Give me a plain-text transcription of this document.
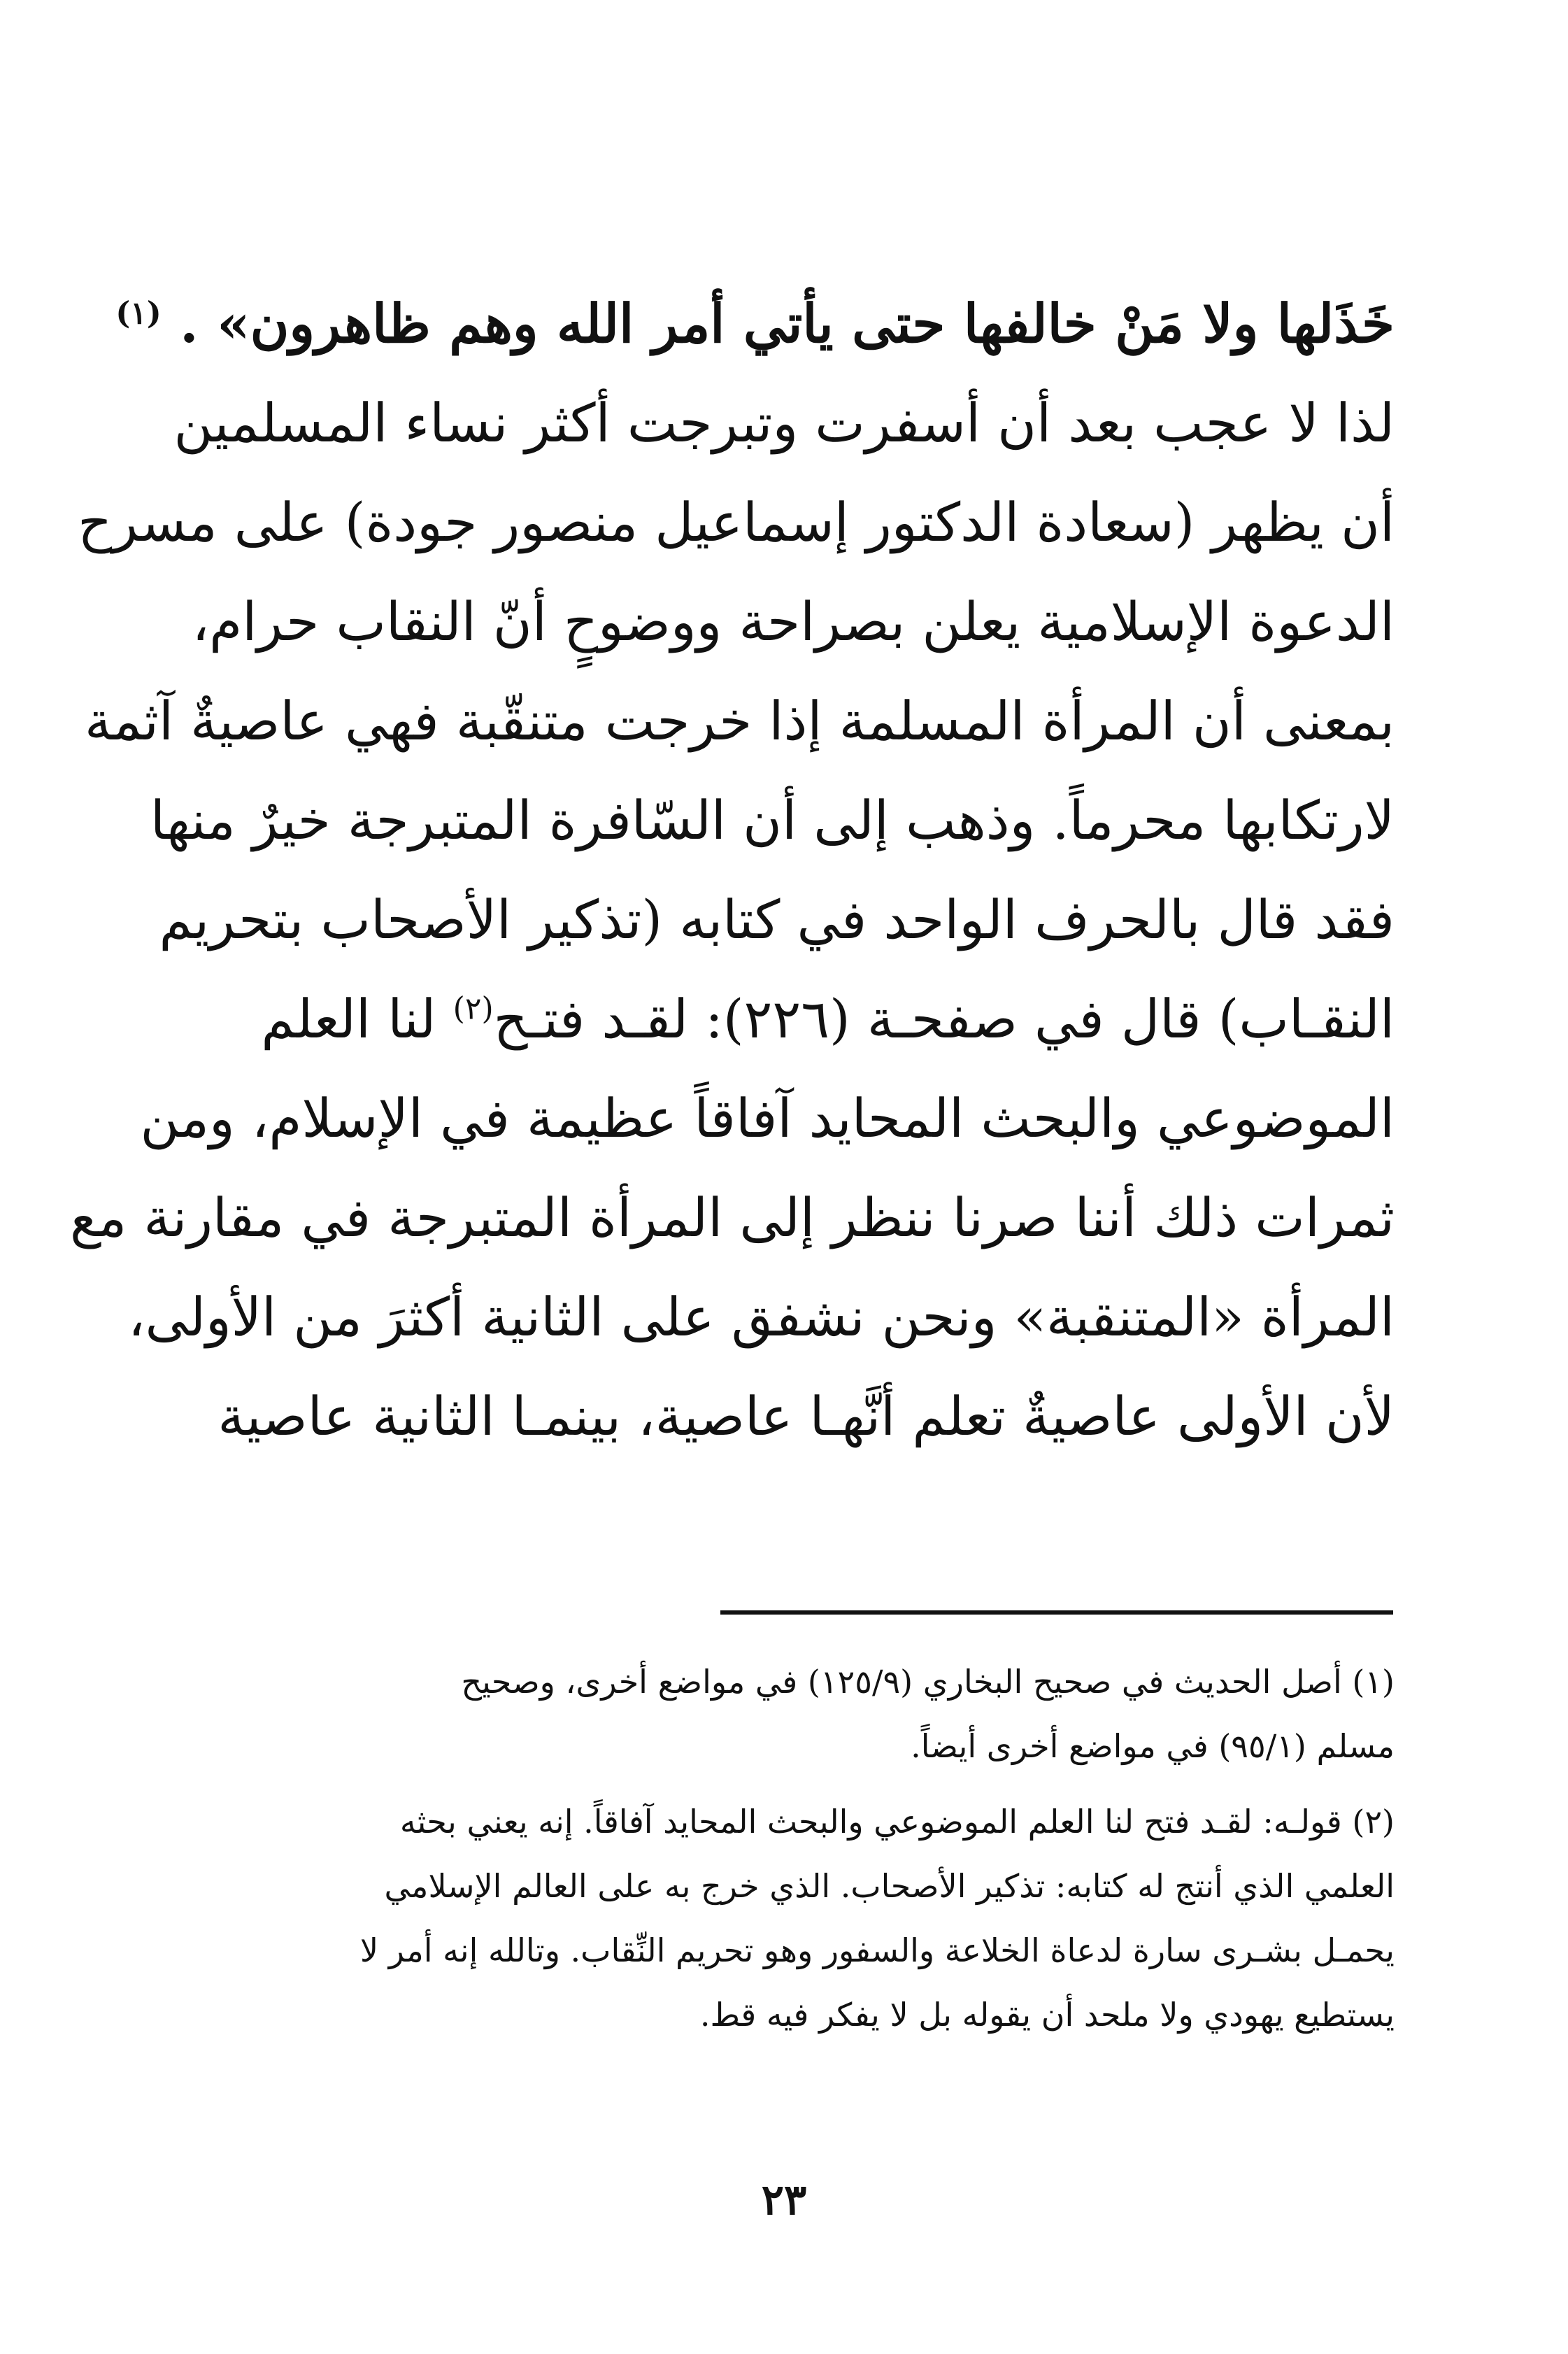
خَذَلها ولا مَنْ خالفها حتى يأتي أمر الله وهم ظاهرون» . $^{(١)}$
لذا لا عجب بعد أن أسفرت وتبرجت أكثر نساء المسلمين
أن يظهر (سعادة الدكتور إسماعيل منصور جودة) على مسرح
الدعوة الإسلامية يعلن بصراحة ووضوحٍ أنّ النقاب حرام،
بمعنى أن المرأة المسلمة إذا خرجت متنقّبة فهي عاصيةٌ آثمة
لارتكابها محرماً. وذهب إلى أن السّافرة المتبرجة خيرٌ منها
فقد قال بالحرف الواحد في كتابه (تذكير الأصحاب بتحريم
النقـاب) قال في صفحـة (٢٢٦): لقـد فتـح$^{(٢)}$ لنا العلم
الموضوعي والبحث المحايد آفاقاً عظيمة في الإسلام، ومن
ثمرات ذلك أننا صرنا ننظر إلى المرأة المتبرجة في مقارنة مع
المرأة «المتنقبة» ونحن نشفق على الثانية أكثرَ من الأولى،
لأن الأولى عاصيةٌ تعلم أنَّهـا عاصية، بينمـا الثانية عاصية
(١) أصل الحديث في صحيح البخاري (١٢٥/٩) في مواضع أخرى، وصحيح
مسلم (٩٥/١) في مواضع أخرى أيضاً.
(٢) قولـه: لقـد فتح لنا العلم الموضوعي والبحث المحايد آفاقاً. إنه يعني بحثه
العلمي الذي أنتج له كتابه: تذكير الأصحاب. الذي خرج به على العالم الإسلامي
يحمـل بشـرى سارة لدعاة الخلاعة والسفور وهو تحريم النِّقاب. وتالله إنه أمر لا
يستطيع يهودي ولا ملحد أن يقوله بل لا يفكر فيه قط.
٢٣
